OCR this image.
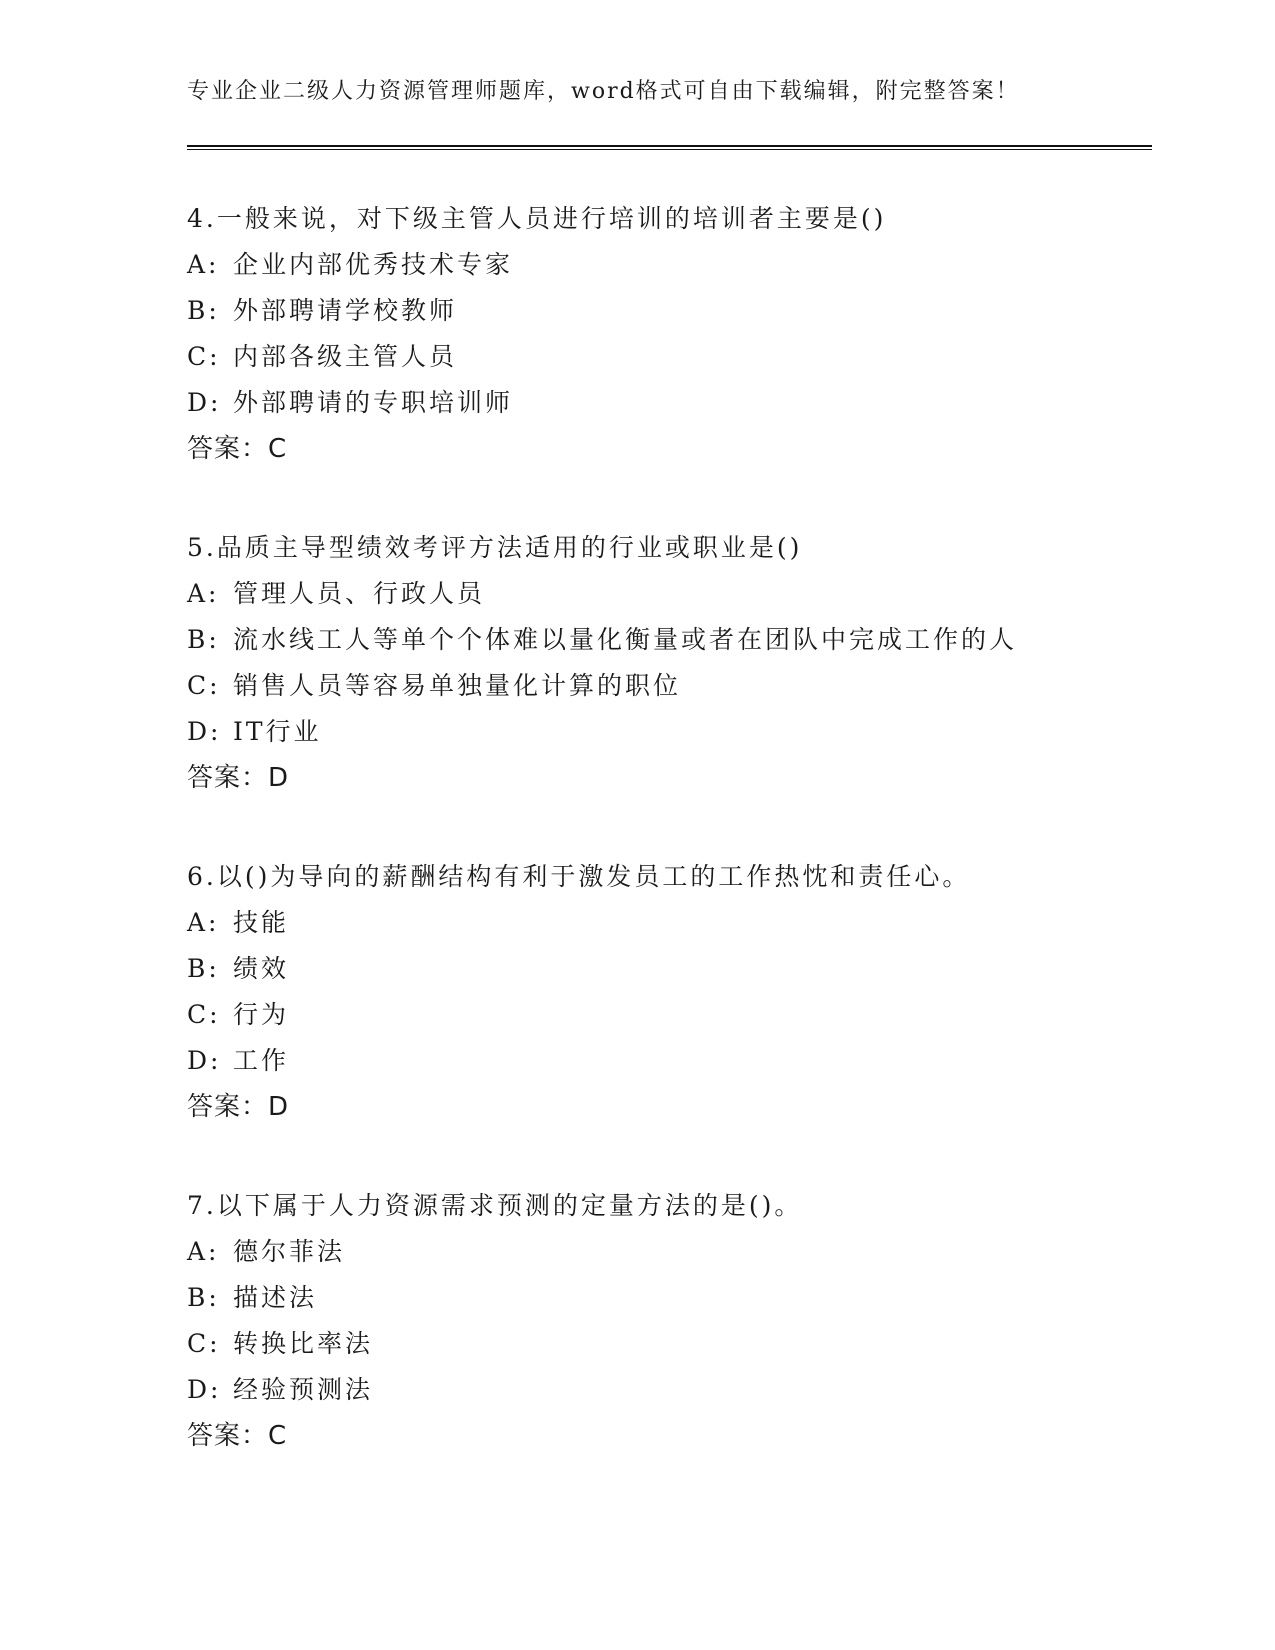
专业企业二级人力资源管理师题库，word格式可自由下载编辑，附完整答案！
4.一般来说，对下级主管人员进行培训的培训者主要是()
A: 企业内部优秀技术专家
B: 外部聘请学校教师
C: 内部各级主管人员
D: 外部聘请的专职培训师
答案：C
5.品质主导型绩效考评方法适用的行业或职业是()
A: 管理人员、行政人员
B: 流水线工人等单个个体难以量化衡量或者在团队中完成工作的人
C: 销售人员等容易单独量化计算的职位
D: IT行业
答案：D
6.以()为导向的薪酬结构有利于激发员工的工作热忱和责任心。
A: 技能
B: 绩效
C: 行为
D: 工作
答案：D
7.以下属于人力资源需求预测的定量方法的是()。
A: 德尔菲法
B: 描述法
C: 转换比率法
D: 经验预测法
答案：C
